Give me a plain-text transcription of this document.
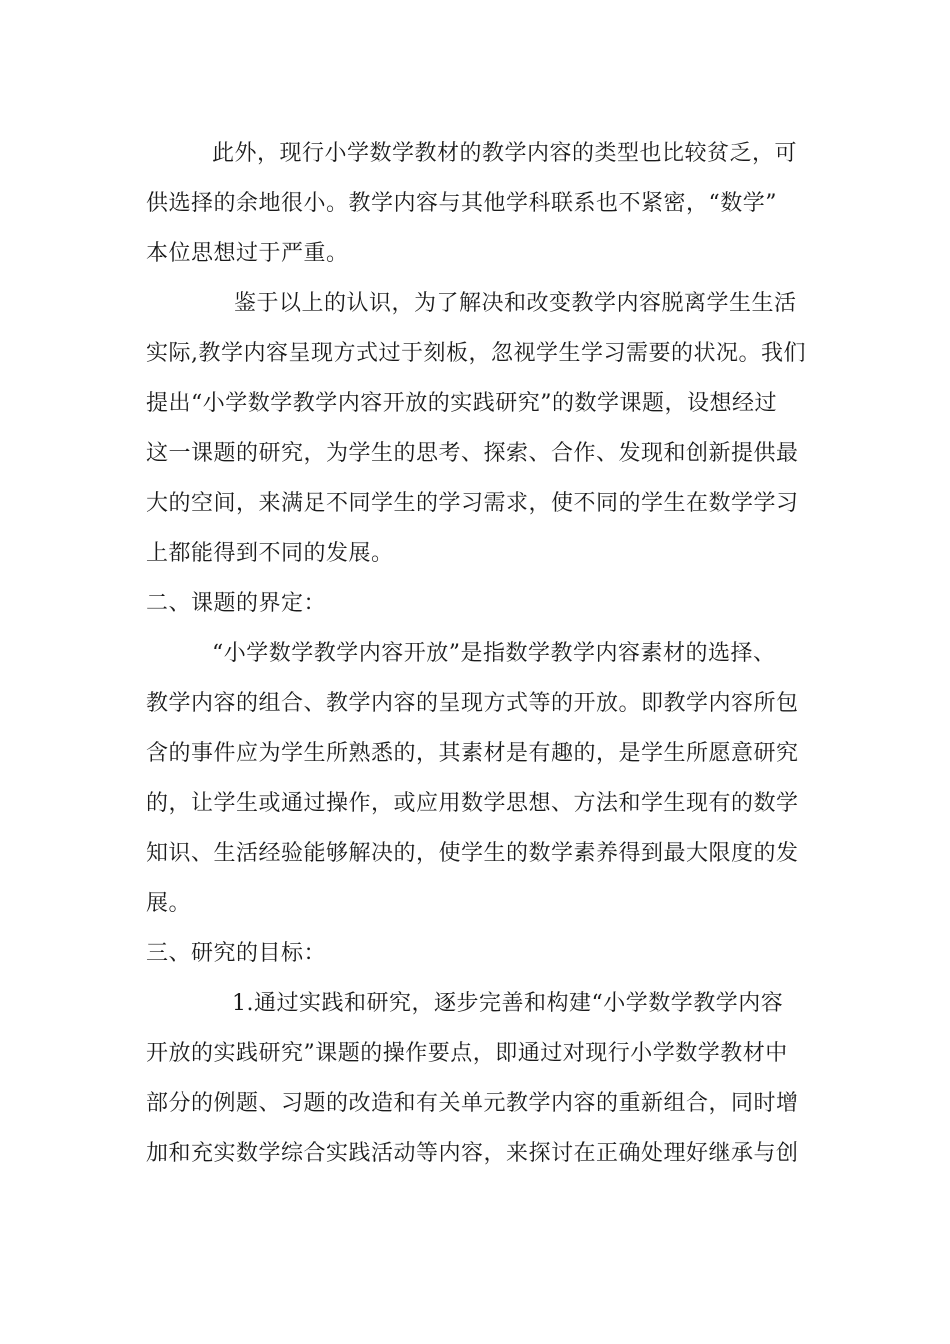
此外，现行小学数学教材的教学内容的类型也比较贫乏，可
供选择的余地很小。教学内容与其他学科联系也不紧密，“数学”
本位思想过于严重。
鉴于以上的认识，为了解决和改变教学内容脱离学生生活
实际,教学内容呈现方式过于刻板，忽视学生学习需要的状况。我们
提出“小学数学教学内容开放的实践研究”的数学课题，设想经过
这一课题的研究，为学生的思考、探索、合作、发现和创新提供最
大的空间，来满足不同学生的学习需求，使不同的学生在数学学习
上都能得到不同的发展。
二、课题的界定：
“小学数学教学内容开放”是指数学教学内容素材的选择、
教学内容的组合、教学内容的呈现方式等的开放。即教学内容所包
含的事件应为学生所熟悉的，其素材是有趣的，是学生所愿意研究
的，让学生或通过操作，或应用数学思想、方法和学生现有的数学
知识、生活经验能够解决的，使学生的数学素养得到最大限度的发
展。
三、研究的目标：
1.通过实践和研究，逐步完善和构建“小学数学教学内容
开放的实践研究”课题的操作要点，即通过对现行小学数学教材中
部分的例题、习题的改造和有关单元教学内容的重新组合，同时增
加和充实数学综合实践活动等内容，来探讨在正确处理好继承与创
